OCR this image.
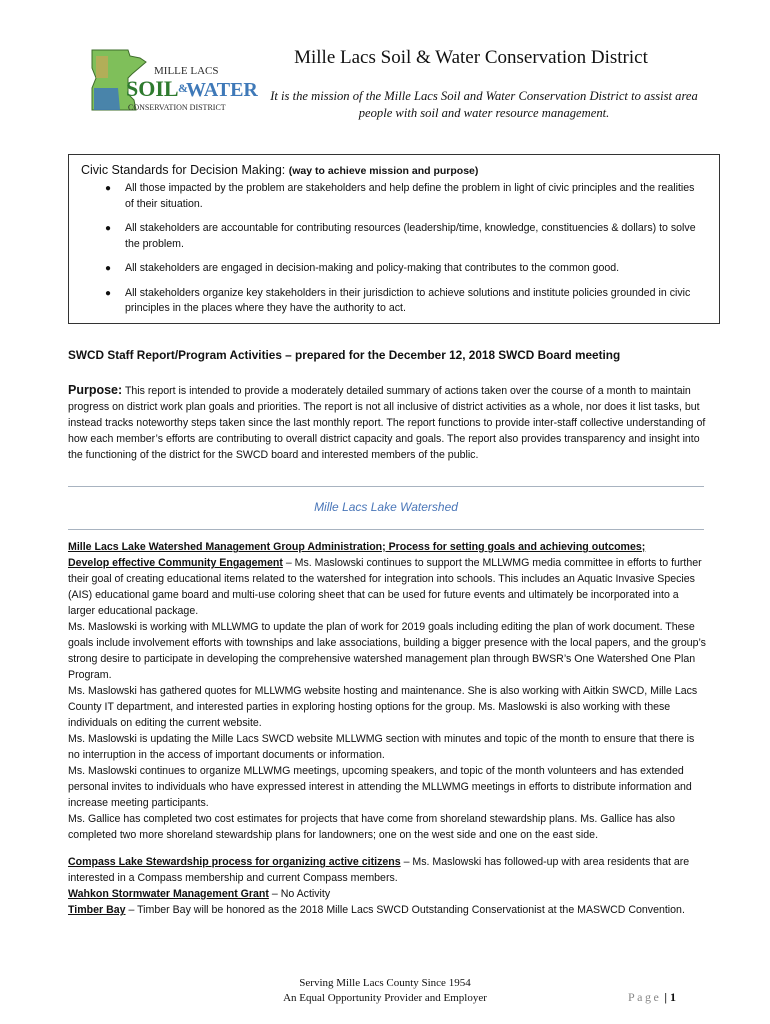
MILLE LACS
SOIL &
WATER
CONSERVATION DISTRICT
Mille Lacs Soil & Water Conservation District
It is the mission of the Mille Lacs Soil and Water Conservation District to assist area people with soil and water resource management.
Civic Standards for Decision Making: (way to achieve mission and purpose)
● All those impacted by the problem are stakeholders and help define the problem in light of civic principles and the realities of their situation.
● All stakeholders are accountable for contributing resources (leadership/time, knowledge, constituencies & dollars) to solve the problem.
● All stakeholders are engaged in decision-making and policy-making that contributes to the common good.
● All stakeholders organize key stakeholders in their jurisdiction to achieve solutions and institute policies grounded in civic principles in the places where they have the authority to act.
SWCD Staff Report/Program Activities – prepared for the December 12, 2018 SWCD Board meeting
Purpose: This report is intended to provide a moderately detailed summary of actions taken over the course of a month to maintain progress on district work plan goals and priorities. The report is not all inclusive of district activities as a whole, nor does it list tasks, but instead tracks noteworthy steps taken since the last monthly report. The report functions to provide inter-staff collective understanding of how each member’s efforts are contributing to overall district capacity and goals. The report also provides transparency and insight into the functioning of the district for the SWCD board and interested members of the public.
Mille Lacs Lake Watershed
Mille Lacs Lake Watershed Management Group Administration; Process for setting goals and achieving outcomes;
Develop effective Community Engagement – Ms. Maslowski continues to support the MLLWMG media committee in efforts to further their goal of creating educational items related to the watershed for integration into schools. This includes an Aquatic Invasive Species (AIS) educational game board and multi-use coloring sheet that can be used for future events and ultimately be incorporated into a larger educational package.
Ms. Maslowski is working with MLLWMG to update the plan of work for 2019 goals including editing the plan of work document. These goals include involvement efforts with townships and lake associations, building a bigger presence with the local papers, and the group’s strong desire to participate in developing the comprehensive watershed management plan through BWSR’s One Watershed One Plan Program.
Ms. Maslowski has gathered quotes for MLLWMG website hosting and maintenance. She is also working with Aitkin SWCD, Mille Lacs County IT department, and interested parties in exploring hosting options for the group. Ms. Maslowski is also working with these individuals on editing the current website.
Ms. Maslowski is updating the Mille Lacs SWCD website MLLWMG section with minutes and topic of the month to ensure that there is no interruption in the access of important documents or information.
Ms. Maslowski continues to organize MLLWMG meetings, upcoming speakers, and topic of the month volunteers and has extended personal invites to individuals who have expressed interest in attending the MLLWMG meetings in efforts to distribute information and increase meeting participants.
Ms. Gallice has completed two cost estimates for projects that have come from shoreland stewardship plans. Ms. Gallice has also completed two more shoreland stewardship plans for landowners; one on the west side and one on the east side.
Compass Lake Stewardship process for organizing active citizens – Ms. Maslowski has followed-up with area residents that are interested in a Compass membership and current Compass members.
Wahkon Stormwater Management Grant – No Activity
Timber Bay – Timber Bay will be honored as the 2018 Mille Lacs SWCD Outstanding Conservationist at the MASWCD Convention.
Serving Mille Lacs County Since 1954
An Equal Opportunity Provider and Employer	Page | 1
